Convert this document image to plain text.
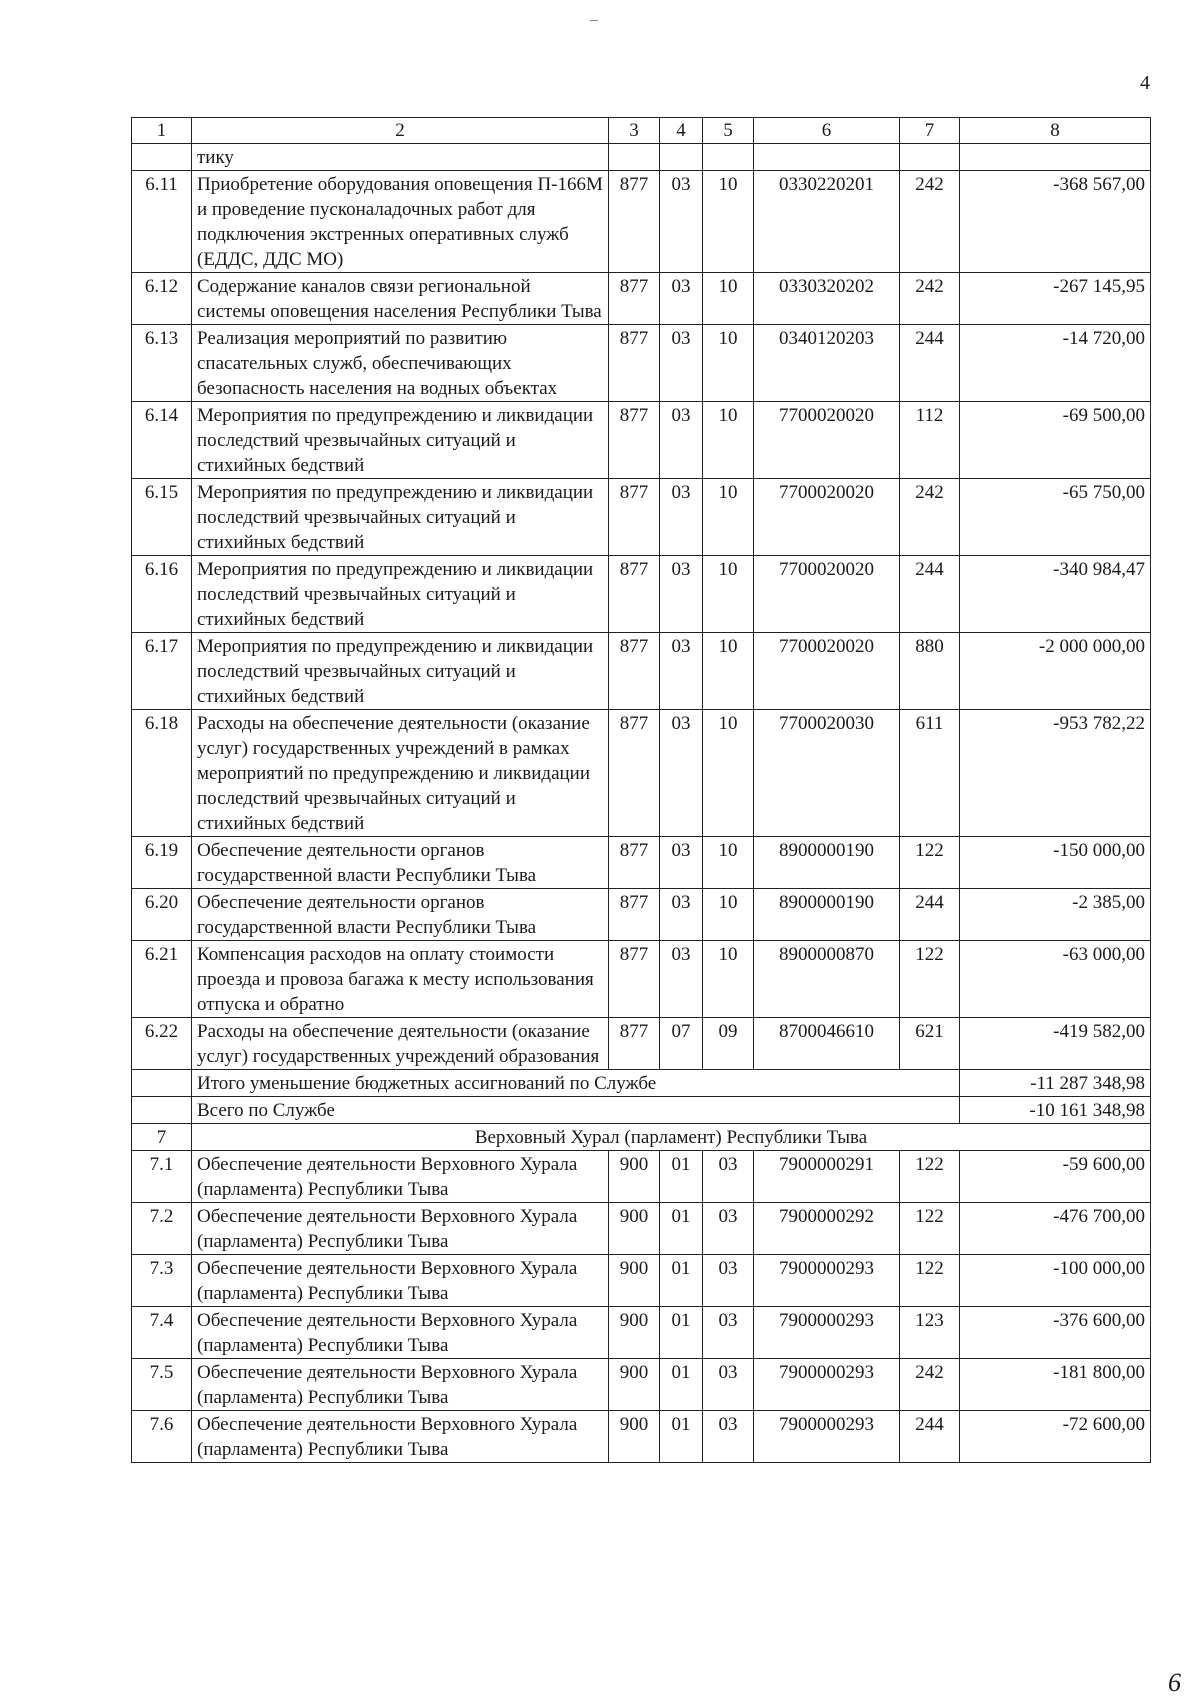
4
1	2	3	4	5	6	7	8
	тику						
6.11	Приобретение оборудования оповещения П-166М и проведение пусконаладочных работ для подключения экстренных оперативных служб (ЕДДС, ДДС МО)	877	03	10	0330220201	242	-368 567,00
6.12	Содержание каналов связи региональной системы оповещения населения Республики Тыва	877	03	10	0330320202	242	-267 145,95
6.13	Реализация мероприятий по развитию спасательных служб, обеспечивающих безопасность населения на водных объектах	877	03	10	0340120203	244	-14 720,00
6.14	Мероприятия по предупреждению и ликвидации последствий чрезвычайных ситуаций и стихийных бедствий	877	03	10	7700020020	112	-69 500,00
6.15	Мероприятия по предупреждению и ликвидации последствий чрезвычайных ситуаций и стихийных бедствий	877	03	10	7700020020	242	-65 750,00
6.16	Мероприятия по предупреждению и ликвидации последствий чрезвычайных ситуаций и стихийных бедствий	877	03	10	7700020020	244	-340 984,47
6.17	Мероприятия по предупреждению и ликвидации последствий чрезвычайных ситуаций и стихийных бедствий	877	03	10	7700020020	880	-2 000 000,00
6.18	Расходы на обеспечение деятельности (оказание услуг) государственных учреждений в рамках мероприятий по предупреждению и ликвидации последствий чрезвычайных ситуаций и стихийных бедствий	877	03	10	7700020030	611	-953 782,22
6.19	Обеспечение деятельности органов государственной власти Республики Тыва	877	03	10	8900000190	122	-150 000,00
6.20	Обеспечение деятельности органов государственной власти Республики Тыва	877	03	10	8900000190	244	-2 385,00
6.21	Компенсация расходов на оплату стоимости проезда и провоза багажа к месту использования отпуска и обратно	877	03	10	8900000870	122	-63 000,00
6.22	Расходы на обеспечение деятельности (оказание услуг) государственных учреждений образования	877	07	09	8700046610	621	-419 582,00
	Итого уменьшение бюджетных ассигнований по Службе						-11 287 348,98
	Всего по Службе						-10 161 348,98
7	Верховный Хурал (парламент) Республики Тыва						
7.1	Обеспечение деятельности Верховного Хурала (парламента) Республики Тыва	900	01	03	7900000291	122	-59 600,00
7.2	Обеспечение деятельности Верховного Хурала (парламента) Республики Тыва	900	01	03	7900000292	122	-476 700,00
7.3	Обеспечение деятельности Верховного Хурала (парламента) Республики Тыва	900	01	03	7900000293	122	-100 000,00
7.4	Обеспечение деятельности Верховного Хурала (парламента) Республики Тыва	900	01	03	7900000293	123	-376 600,00
7.5	Обеспечение деятельности Верховного Хурала (парламента) Республики Тыва	900	01	03	7900000293	242	-181 800,00
7.6	Обеспечение деятельности Верховного Хурала (парламента) Республики Тыва	900	01	03	7900000293	244	-72 600,00
6
